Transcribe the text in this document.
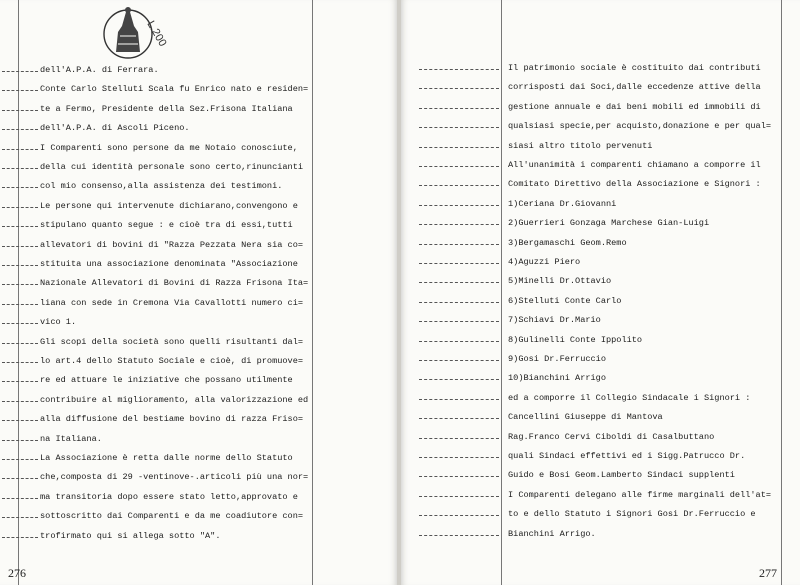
L.200
dell'A.P.A. di Ferrara.
Conte Carlo Stelluti Scala fu Enrico nato e residen=
te a Fermo, Presidente della Sez.Frisona Italiana
dell'A.P.A. di Ascoli Piceno.
I Comparenti sono persone da me Notaio conosciute,
della cui identità personale sono certo,rinuncianti
col mio consenso,alla assistenza dei testimoni.
Le persone qui intervenute dichiarano,convengono e
stipulano quanto segue : e cioè tra di essi,tutti
allevatori di bovini di "Razza Pezzata Nera sia co=
stituita una associazione denominata "Associazione
Nazionale Allevatori di Bovini di Razza Frisona Ita=
liana con sede in Cremona Via Cavallotti numero ci=
vico 1.
Gli scopi della società sono quelli risultanti dal=
lo art.4 dello Statuto Sociale e cioè, di promuove=
re ed attuare le iniziative che possano utilmente
contribuire al miglioramento, alla valorizzazione ed
alla diffusione del bestiame bovino di razza Friso=
na Italiana.
La Associazione è retta dalle norme dello Statuto
che,composta di 29 -ventinove-.articoli più una nor=
ma transitoria dopo essere stato letto,approvato e
sottoscritto dai Comparenti e da me coadiutore con=
trofirmato qui si allega sotto "A".
276
Il patrimonio sociale è costituito dai contributi
corrisposti dai Soci,dalle eccedenze attive della
gestione annuale e dai beni mobili ed immobili di
qualsiasi specie,per acquisto,donazione e per qual=
siasi altro titolo pervenuti
All'unanimità i comparenti chiamano a comporre il
Comitato Direttivo della Associazione e Signori :
1)Ceriana Dr.Giovanni
2)Guerrieri Gonzaga Marchese Gian-Luigi
3)Bergamaschi Geom.Remo
4)Aguzzi Piero
5)Minelli Dr.Ottavio
6)Stelluti Conte Carlo
7)Schiavi Dr.Mario
8)Gulinelli Conte Ippolito
9)Gosi Dr.Ferruccio
10)Bianchini Arrigo
ed a comporre il Collegio Sindacale i Signori :
Cancellini Giuseppe di Mantova
Rag.Franco Cervi Ciboldi di Casalbuttano
quali Sindaci effettivi ed i Sigg.Patrucco Dr.
Guido e Bosi Geom.Lamberto Sindaci supplenti
I Comparenti delegano alle firme marginali dell'at=
to e dello Statuto i Signori Gosi Dr.Ferruccio e
Bianchini Arrigo.
277
